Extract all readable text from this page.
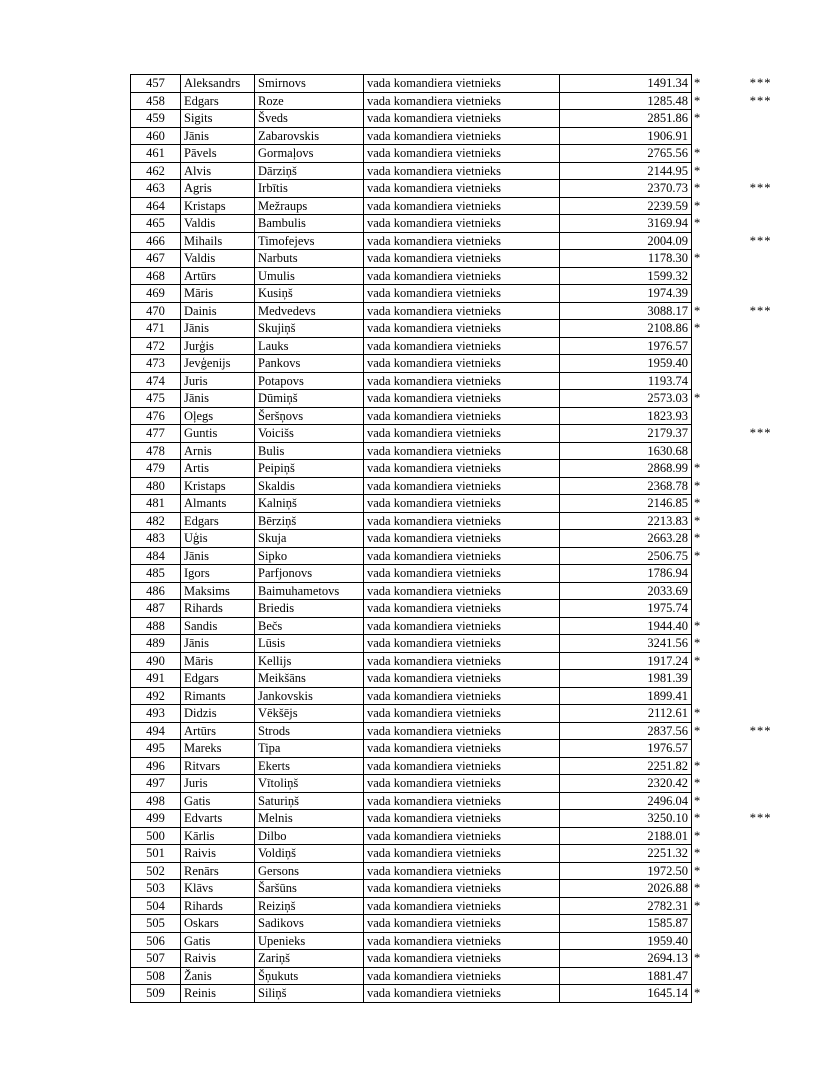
457	Aleksandrs	Smirnovs	vada komandiera vietnieks	1491.34	*	***
458	Edgars	Roze	vada komandiera vietnieks	1285.48	*	***
459	Sigits	Šveds	vada komandiera vietnieks	2851.86	*	
460	Jānis	Zabarovskis	vada komandiera vietnieks	1906.91		
461	Pāvels	Gormaļovs	vada komandiera vietnieks	2765.56	*	
462	Alvis	Dārziņš	vada komandiera vietnieks	2144.95	*	
463	Agris	Irbītis	vada komandiera vietnieks	2370.73	*	***
464	Kristaps	Mežraups	vada komandiera vietnieks	2239.59	*	
465	Valdis	Bambulis	vada komandiera vietnieks	3169.94	*	
466	Mihails	Timofejevs	vada komandiera vietnieks	2004.09		***
467	Valdis	Narbuts	vada komandiera vietnieks	1178.30	*	
468	Artūrs	Umulis	vada komandiera vietnieks	1599.32		
469	Māris	Kusiņš	vada komandiera vietnieks	1974.39		
470	Dainis	Medvedevs	vada komandiera vietnieks	3088.17	*	***
471	Jānis	Skujiņš	vada komandiera vietnieks	2108.86	*	
472	Jurģis	Lauks	vada komandiera vietnieks	1976.57		
473	Jevģenijs	Pankovs	vada komandiera vietnieks	1959.40		
474	Juris	Potapovs	vada komandiera vietnieks	1193.74		
475	Jānis	Dūmiņš	vada komandiera vietnieks	2573.03	*	
476	Oļegs	Šeršņovs	vada komandiera vietnieks	1823.93		
477	Guntis	Voicišs	vada komandiera vietnieks	2179.37		***
478	Arnis	Bulis	vada komandiera vietnieks	1630.68		
479	Artis	Peipiņš	vada komandiera vietnieks	2868.99	*	
480	Kristaps	Skaldis	vada komandiera vietnieks	2368.78	*	
481	Almants	Kalniņš	vada komandiera vietnieks	2146.85	*	
482	Edgars	Bērziņš	vada komandiera vietnieks	2213.83	*	
483	Uģis	Skuja	vada komandiera vietnieks	2663.28	*	
484	Jānis	Sipko	vada komandiera vietnieks	2506.75	*	
485	Igors	Parfjonovs	vada komandiera vietnieks	1786.94		
486	Maksims	Baimuhametovs	vada komandiera vietnieks	2033.69		
487	Rihards	Briedis	vada komandiera vietnieks	1975.74		
488	Sandis	Bečs	vada komandiera vietnieks	1944.40	*	
489	Jānis	Lūsis	vada komandiera vietnieks	3241.56	*	
490	Māris	Kellijs	vada komandiera vietnieks	1917.24	*	
491	Edgars	Meikšāns	vada komandiera vietnieks	1981.39		
492	Rimants	Jankovskis	vada komandiera vietnieks	1899.41		
493	Didzis	Vēkšējs	vada komandiera vietnieks	2112.61	*	
494	Artūrs	Strods	vada komandiera vietnieks	2837.56	*	***
495	Mareks	Tipa	vada komandiera vietnieks	1976.57		
496	Ritvars	Ekerts	vada komandiera vietnieks	2251.82	*	
497	Juris	Vītoliņš	vada komandiera vietnieks	2320.42	*	
498	Gatis	Saturiņš	vada komandiera vietnieks	2496.04	*	
499	Edvarts	Melnis	vada komandiera vietnieks	3250.10	*	***
500	Kārlis	Dilbo	vada komandiera vietnieks	2188.01	*	
501	Raivis	Voldiņš	vada komandiera vietnieks	2251.32	*	
502	Renārs	Gersons	vada komandiera vietnieks	1972.50	*	
503	Klāvs	Šaršūns	vada komandiera vietnieks	2026.88	*	
504	Rihards	Reiziņš	vada komandiera vietnieks	2782.31	*	
505	Oskars	Sadikovs	vada komandiera vietnieks	1585.87		
506	Gatis	Upenieks	vada komandiera vietnieks	1959.40		
507	Raivis	Zariņš	vada komandiera vietnieks	2694.13	*	
508	Žanis	Šņukuts	vada komandiera vietnieks	1881.47		
509	Reinis	Siliņš	vada komandiera vietnieks	1645.14	*	
